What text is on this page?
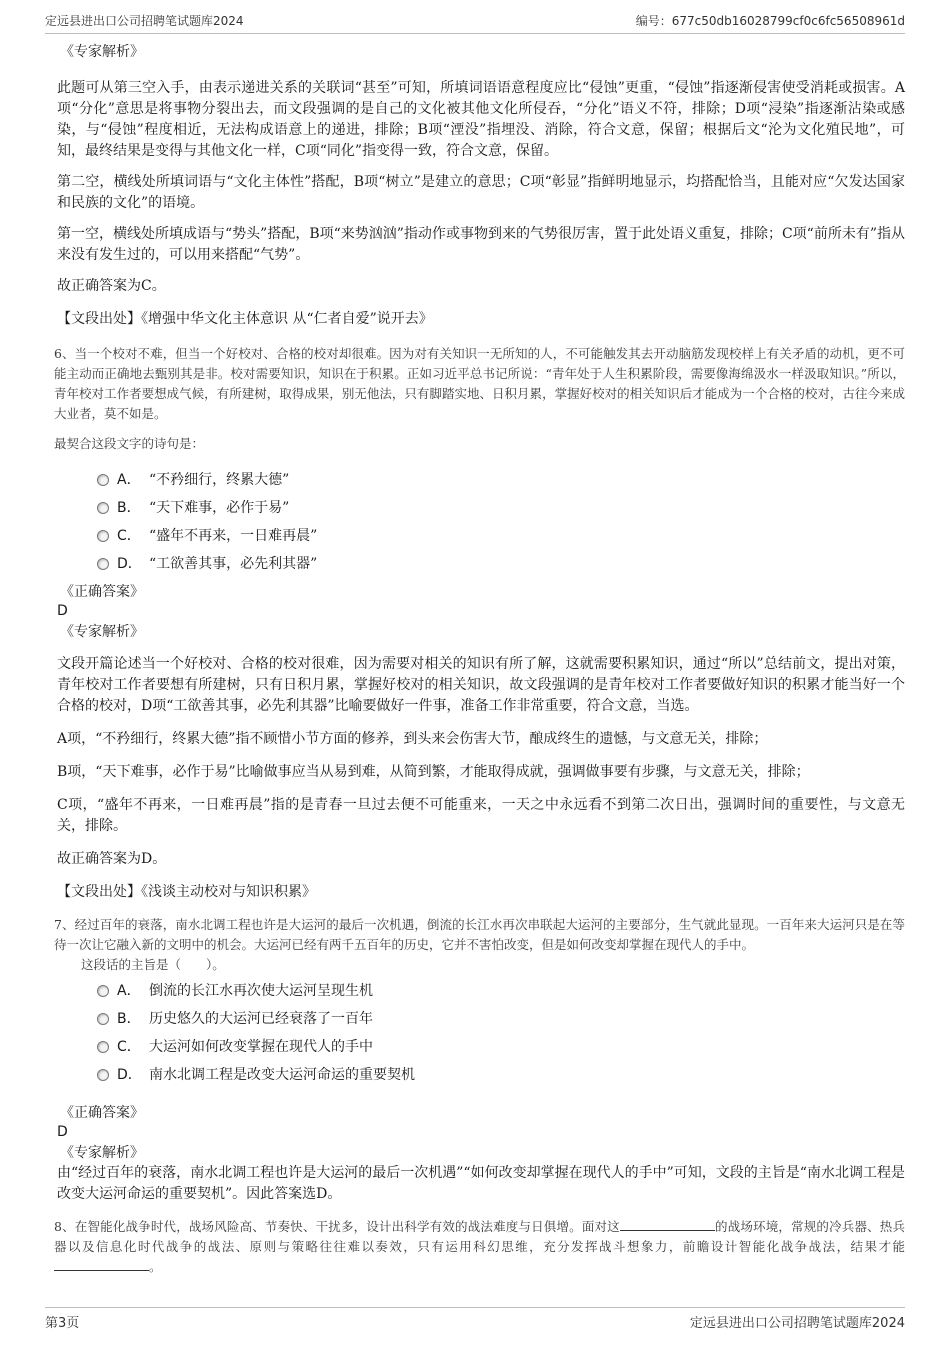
定远县进出口公司招聘笔试题库2024	编号：677c50db16028799cf0c6fc56508961d

《专家解析》

此题可从第三空入手，由表示递进关系的关联词“甚至”可知，所填词语语意程度应比“侵蚀”更重，“侵蚀”指逐渐侵害使受消耗或损害。A项“分化”意思是将事物分裂出去，而文段强调的是自己的文化被其他文化所侵吞，“分化”语义不符，排除；D项“浸染”指逐渐沾染或感染，与“侵蚀”程度相近，无法构成语意上的递进，排除；B项“湮没”指埋没、消除，符合文意，保留；根据后文“沦为文化殖民地”，可知，最终结果是变得与其他文化一样，C项“同化”指变得一致，符合文意，保留。

第二空，横线处所填词语与“文化主体性”搭配，B项“树立”是建立的意思；C项“彰显”指鲜明地显示，均搭配恰当，且能对应“欠发达国家和民族的文化”的语境。

第一空，横线处所填成语与“势头”搭配，B项“来势汹汹”指动作或事物到来的气势很厉害，置于此处语义重复，排除；C项“前所未有”指从来没有发生过的，可以用来搭配“气势”。

故正确答案为C。

【文段出处】《增强中华文化主体意识 从“仁者自爱”说开去》

6、当一个校对不难，但当一个好校对、合格的校对却很难。因为对有关知识一无所知的人，不可能触发其去开动脑筋发现校样上有关矛盾的动机，更不可能主动而正确地去甄别其是非。校对需要知识，知识在于积累。正如习近平总书记所说：“青年处于人生积累阶段，需要像海绵汲水一样汲取知识。”所以，青年校对工作者要想成气候，有所建树，取得成果，别无他法，只有脚踏实地、日积月累，掌握好校对的相关知识后才能成为一个合格的校对，古往今来成大业者，莫不如是。

最契合这段文字的诗句是：

A． “不矜细行，终累大德”
B． “天下难事，必作于易”
C． “盛年不再来，一日难再晨”
D． “工欲善其事，必先利其器”

《正确答案》

D

《专家解析》

文段开篇论述当一个好校对、合格的校对很难，因为需要对相关的知识有所了解，这就需要积累知识，通过“所以”总结前文，提出对策，青年校对工作者要想有所建树，只有日积月累，掌握好校对的相关知识，故文段强调的是青年校对工作者要做好知识的积累才能当好一个合格的校对，D项“工欲善其事，必先利其器”比喻要做好一件事，准备工作非常重要，符合文意，当选。

A项，“不矜细行，终累大德”指不顾惜小节方面的修养，到头来会伤害大节，酿成终生的遗憾，与文意无关，排除；

B项，“天下难事，必作于易”比喻做事应当从易到难，从简到繁，才能取得成就，强调做事要有步骤，与文意无关，排除；

C项，“盛年不再来，一日难再晨”指的是青春一旦过去便不可能重来，一天之中永远看不到第二次日出，强调时间的重要性，与文意无关，排除。

故正确答案为D。

【文段出处】《浅谈主动校对与知识积累》

7、经过百年的衰落，南水北调工程也许是大运河的最后一次机遇，倒流的长江水再次串联起大运河的主要部分，生气就此显现。一百年来大运河只是在等待一次让它融入新的文明中的机会。大运河已经有两千五百年的历史，它并不害怕改变，但是如何改变却掌握在现代人的手中。

这段话的主旨是（　　）。

A． 倒流的长江水再次使大运河呈现生机
B． 历史悠久的大运河已经衰落了一百年
C． 大运河如何改变掌握在现代人的手中
D． 南水北调工程是改变大运河命运的重要契机

《正确答案》

D

《专家解析》

由“经过百年的衰落，南水北调工程也许是大运河的最后一次机遇”“如何改变却掌握在现代人的手中”可知，文段的主旨是“南水北调工程是改变大运河命运的重要契机”。因此答案选D。

8、在智能化战争时代，战场风险高、节奏快、干扰多，设计出科学有效的战法难度与日俱增。面对这	的战场环境，常规的冷兵器、热兵器以及信息化时代战争的战法、原则与策略往往难以奏效，只有运用科幻思维，充分发挥战斗想象力，前瞻设计智能化战争战法，结果才能。

第3页	定远县进出口公司招聘笔试题库2024
